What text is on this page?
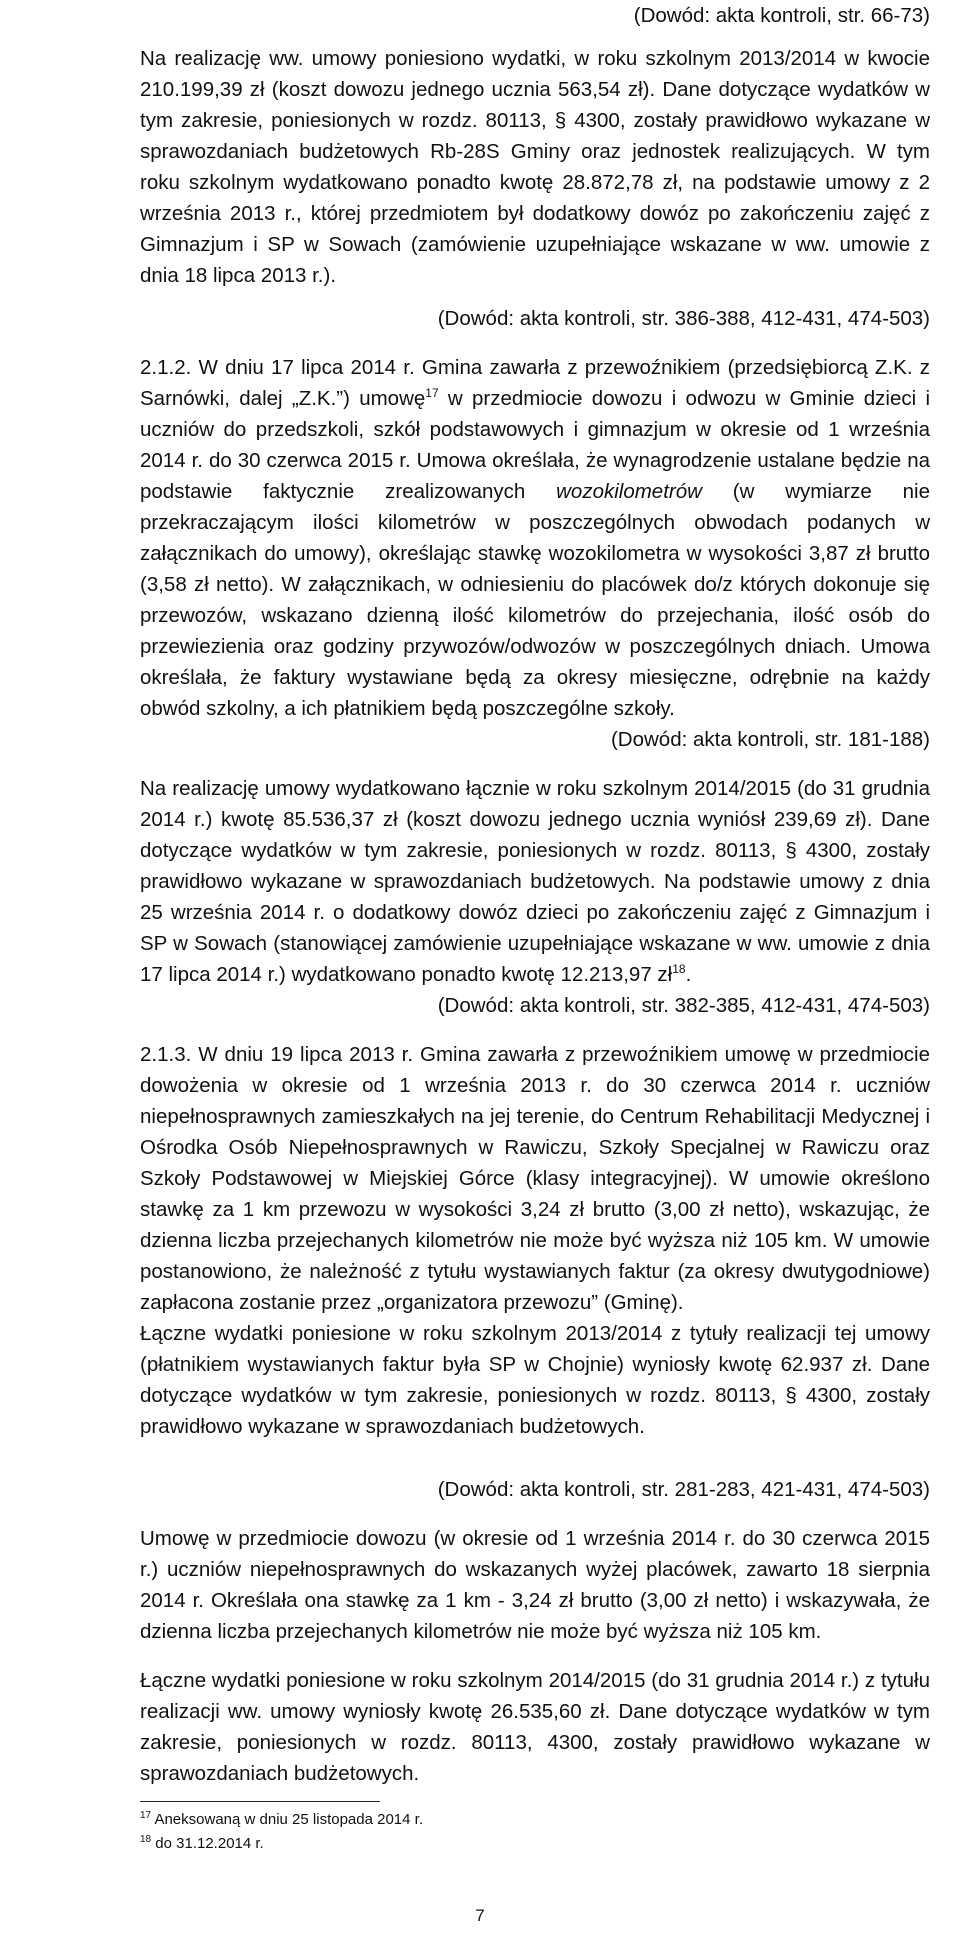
(Dowód: akta kontroli, str. 66-73)

Na realizację ww. umowy poniesiono wydatki, w roku szkolnym 2013/2014 w kwocie 210.199,39 zł (koszt dowozu jednego ucznia 563,54 zł). Dane dotyczące wydatków w tym zakresie, poniesionych w rozdz. 80113, § 4300, zostały prawidłowo wykazane w sprawozdaniach budżetowych Rb-28S Gminy oraz jednostek realizujących. W tym roku szkolnym wydatkowano ponadto kwotę 28.872,78 zł, na podstawie umowy z 2 września 2013 r., której przedmiotem był dodatkowy dowóz po zakończeniu zajęć z Gimnazjum i SP w Sowach (zamówienie uzupełniające wskazane w ww. umowie z dnia 18 lipca 2013 r.).

(Dowód: akta kontroli, str. 386-388, 412-431, 474-503)

2.1.2. W dniu 17 lipca 2014 r. Gmina zawarła z przewoźnikiem (przedsiębiorcą Z.K. z Sarnówki, dalej „Z.K.”) umowę$^{17}$ w przedmiocie dowozu i odwozu w Gminie dzieci i uczniów do przedszkoli, szkół podstawowych i gimnazjum w okresie od 1 września 2014 r. do 30 czerwca 2015 r. Umowa określała, że wynagrodzenie ustalane będzie na podstawie faktycznie zrealizowanych wozokilometrów (w wymiarze nie przekraczającym ilości kilometrów w poszczególnych obwodach podanych w załącznikach do umowy), określając stawkę wozokilometra w wysokości 3,87 zł brutto (3,58 zł netto). W załącznikach, w odniesieniu do placówek do/z których dokonuje się przewozów, wskazano dzienną ilość kilometrów do przejechania, ilość osób do przewiezienia oraz godziny przywozów/odwozów w poszczególnych dniach. Umowa określała, że faktury wystawiane będą za okresy miesięczne, odrębnie na każdy obwód szkolny, a ich płatnikiem będą poszczególne szkoły.

(Dowód: akta kontroli, str. 181-188)

Na realizację umowy wydatkowano łącznie w roku szkolnym 2014/2015 (do 31 grudnia 2014 r.) kwotę 85.536,37 zł (koszt dowozu jednego ucznia wyniósł 239,69 zł). Dane dotyczące wydatków w tym zakresie, poniesionych w rozdz. 80113, § 4300, zostały prawidłowo wykazane w sprawozdaniach budżetowych. Na podstawie umowy z dnia 25 września 2014 r. o dodatkowy dowóz dzieci po zakończeniu zajęć z Gimnazjum i SP w Sowach (stanowiącej zamówienie uzupełniające wskazane w ww. umowie z dnia 17 lipca 2014 r.) wydatkowano ponadto kwotę 12.213,97 $zł^{18}$.

(Dowód: akta kontroli, str. 382-385, 412-431, 474-503)

2.1.3. W dniu 19 lipca 2013 r. Gmina zawarła z przewoźnikiem umowę w przedmiocie dowożenia w okresie od 1 września 2013 r. do 30 czerwca 2014 r. uczniów niepełnosprawnych zamieszkałych na jej terenie, do Centrum Rehabilitacji Medycznej i Ośrodka Osób Niepełnosprawnych w Rawiczu, Szkoły Specjalnej w Rawiczu oraz Szkoły Podstawowej w Miejskiej Górce (klasy integracyjnej). W umowie określono stawkę za 1 km przewozu w wysokości 3,24 zł brutto (3,00 zł netto), wskazując, że dzienna liczba przejechanych kilometrów nie może być wyższa niż 105 km. W umowie postanowiono, że należność z tytułu wystawianych faktur (za okresy dwutygodniowe) zapłacona zostanie przez „organizatora przewozu” (Gminę).

Łączne wydatki poniesione w roku szkolnym 2013/2014 z tytuły realizacji tej umowy (płatnikiem wystawianych faktur była SP w Chojnie) wyniosły kwotę 62.937 zł. Dane dotyczące wydatków w tym zakresie, poniesionych w rozdz. 80113, § 4300, zostały prawidłowo wykazane w sprawozdaniach budżetowych.

(Dowód: akta kontroli, str. 281-283, 421-431, 474-503)

Umowę w przedmiocie dowozu (w okresie od 1 września 2014 r. do 30 czerwca 2015 r.) uczniów niepełnosprawnych do wskazanych wyżej placówek, zawarto 18 sierpnia 2014 r. Określała ona stawkę za 1 km - 3,24 zł brutto (3,00 zł netto) i wskazywała, że dzienna liczba przejechanych kilometrów nie może być wyższa niż 105 km.

Łączne wydatki poniesione w roku szkolnym 2014/2015 (do 31 grudnia 2014 r.) z tytułu realizacji ww. umowy wyniosły kwotę 26.535,60 zł. Dane dotyczące wydatków w tym zakresie, poniesionych w rozdz. 80113, 4300, zostały prawidłowo wykazane w sprawozdaniach budżetowych.

$^{17}$ Aneksowaną w dniu 25 listopada 2014 r.
$^{18}$ do 31.12.2014 r.
7
